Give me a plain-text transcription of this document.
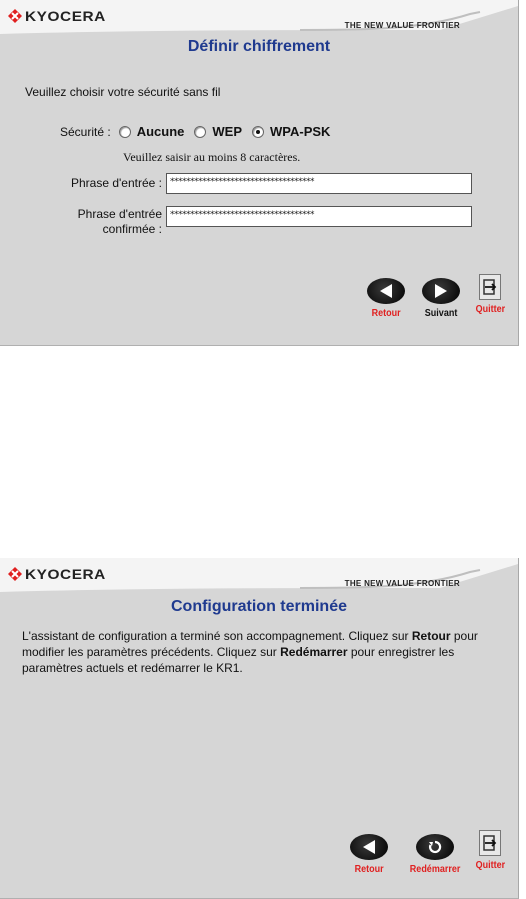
KYOCERA
THE NEW VALUE FRONTIER
Définir chiffrement
Veuillez choisir votre sécurité sans fil
Sécurité : Aucune WEP WPA-PSK
Veuillez saisir au moins 8 caractères.
Phrase d'entrée : ************************************
Phrase d'entrée
confirmée :
************************************
Retour Suivant Quitter
KYOCERA
THE NEW VALUE FRONTIER
Configuration terminée
L'assistant de configuration a terminé son accompagnement. Cliquez sur Retour pour modifier les paramètres précédents. Cliquez sur Redémarrer pour enregistrer les paramètres actuels et redémarrer le KR1.
Retour	Redémarrer Quitter
